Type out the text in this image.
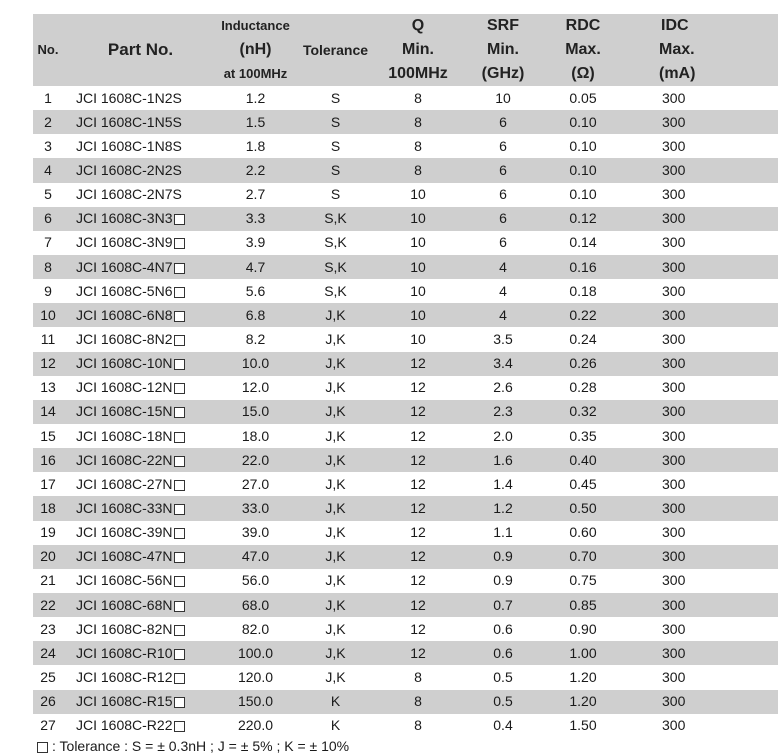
No.	Part No.	Inductance	Tolerance	Q	SRF	RDC	IDC
		(nH)		Min.	Min.	Max.	Max.
		at 100MHz		100MHz	(GHz)	(Ω)	(mA)
1	JCI 1608C-1N2S	1.2	S	8	10	0.05	300
2	JCI 1608C-1N5S	1.5	S	8	6	0.10	300
3	JCI 1608C-1N8S	1.8	S	8	6	0.10	300
4	JCI 1608C-2N2S	2.2	S	8	6	0.10	300
5	JCI 1608C-2N7S	2.7	S	10	6	0.10	300
6	JCI 1608C-3N3	3.3	S,K	10	6	0.12	300
7	JCI 1608C-3N9	3.9	S,K	10	6	0.14	300
8	JCI 1608C-4N7	4.7	S,K	10	4	0.16	300
9	JCI 1608C-5N6	5.6	S,K	10	4	0.18	300
10	JCI 1608C-6N8	6.8	J,K	10	4	0.22	300
11	JCI 1608C-8N2	8.2	J,K	10	3.5	0.24	300
12	JCI 1608C-10N	10.0	J,K	12	3.4	0.26	300
13	JCI 1608C-12N	12.0	J,K	12	2.6	0.28	300
14	JCI 1608C-15N	15.0	J,K	12	2.3	0.32	300
15	JCI 1608C-18N	18.0	J,K	12	2.0	0.35	300
16	JCI 1608C-22N	22.0	J,K	12	1.6	0.40	300
17	JCI 1608C-27N	27.0	J,K	12	1.4	0.45	300
18	JCI 1608C-33N	33.0	J,K	12	1.2	0.50	300
19	JCI 1608C-39N	39.0	J,K	12	1.1	0.60	300
20	JCI 1608C-47N	47.0	J,K	12	0.9	0.70	300
21	JCI 1608C-56N	56.0	J,K	12	0.9	0.75	300
22	JCI 1608C-68N	68.0	J,K	12	0.7	0.85	300
23	JCI 1608C-82N	82.0	J,K	12	0.6	0.90	300
24	JCI 1608C-R10	100.0	J,K	12	0.6	1.00	300
25	JCI 1608C-R12	120.0	J,K	8	0.5	1.20	300
26	JCI 1608C-R15	150.0	K	8	0.5	1.20	300
27	JCI 1608C-R22	220.0	K	8	0.4	1.50	300
: Tolerance : S = ± 0.3nH ; J = ± 5% ; K = ± 10%
